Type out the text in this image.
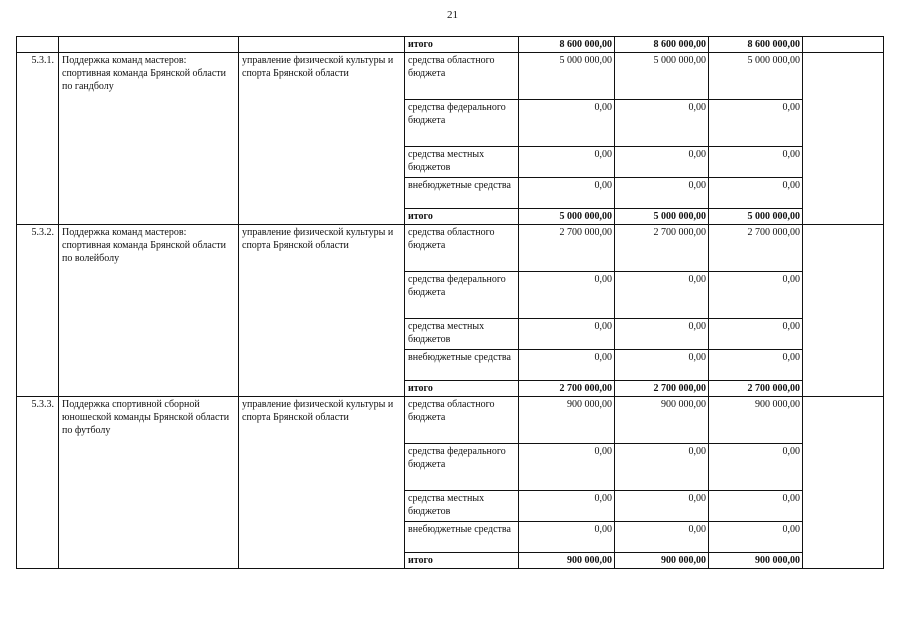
21
			итого	8 600 000,00	8 600 000,00	8 600 000,00	
5.3.1.	Поддержка команд мастеров: спортивная команда Брянской области по гандболу	управление физической культуры и спорта Брянской области	средства областного бюджета	5 000 000,00	5 000 000,00	5 000 000,00	
			средства федерального бюджета	0,00	0,00	0,00	
			средства местных бюджетов	0,00	0,00	0,00	
			внебюджетные средства	0,00	0,00	0,00	
			итого	5 000 000,00	5 000 000,00	5 000 000,00	
5.3.2.	Поддержка команд мастеров: спортивная команда Брянской области по волейболу	управление физической культуры и спорта Брянской области	средства областного бюджета	2 700 000,00	2 700 000,00	2 700 000,00	
			средства федерального бюджета	0,00	0,00	0,00	
			средства местных бюджетов	0,00	0,00	0,00	
			внебюджетные средства	0,00	0,00	0,00	
			итого	2 700 000,00	2 700 000,00	2 700 000,00	
5.3.3.	Поддержка спортивной сборной юношеской команды Брянской области по футболу	управление физической культуры и спорта Брянской области	средства областного бюджета	900 000,00	900 000,00	900 000,00	
			средства федерального бюджета	0,00	0,00	0,00	
			средства местных бюджетов	0,00	0,00	0,00	
			внебюджетные средства	0,00	0,00	0,00	
			итого	900 000,00	900 000,00	900 000,00	
